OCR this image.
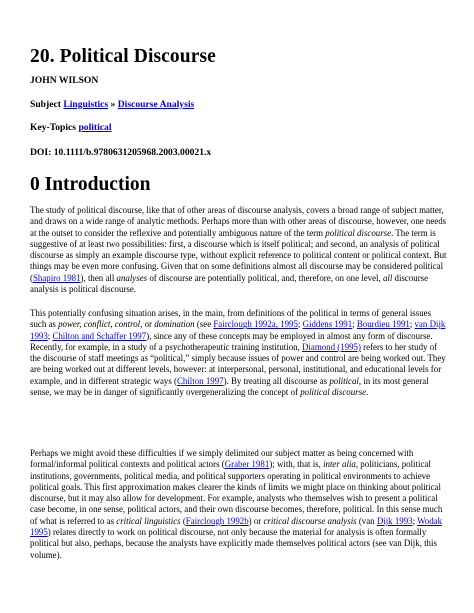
20. Political Discourse
JOHN WILSON
Subject Linguistics » Discourse Analysis
Key-Topics political
DOI: 10.1111/b.9780631205968.2003.00021.x
0 Introduction

The study of political discourse, like that of other areas of discourse analysis, covers a broad range of subject matter, and draws on a wide range of analytic methods. Perhaps more than with other areas of discourse, however, one needs at the outset to consider the reflexive and potentially ambiguous nature of the term political discourse. The term is suggestive of at least two possibilities: first, a discourse which is itself political; and second, an analysis of political discourse as simply an example discourse type, without explicit reference to political content or political context. But things may be even more confusing. Given that on some definitions almost all discourse may be considered political (Shapiro 1981), then all analyses of discourse are potentially political, and, therefore, on one level, all discourse analysis is political discourse.

This potentially confusing situation arises, in the main, from definitions of the political in terms of general issues such as power, conflict, control, or domination (see Fairclough 1992a, 1995; Giddens 1991; Bourdieu 1991; van Dijk 1993; Chilton and Schaffer 1997), since any of these concepts may be employed in almost any form of discourse. Recently, for example, in a study of a psychotherapeutic training institution, Diamond (1995) refers to her study of the discourse of staff meetings as “political,” simply because issues of power and control are being worked out. They are being worked out at different levels, however: at interpersonal, personal, institutional, and educational levels for example, and in different strategic ways (Chilton 1997). By treating all discourse as political, in its most general sense, we may be in danger of significantly overgeneralizing the concept of political discourse.

Perhaps we might avoid these difficulties if we simply delimited our subject matter as being concerned with formal/informal political contexts and political actors (Graber 1981); with, that is, inter alia, politicians, political institutions, governments, political media, and political supporters operating in political environments to achieve political goals. This first approximation makes clearer the kinds of limits we might place on thinking about political discourse, but it may also allow for development. For example, analysts who themselves wish to present a political case become, in one sense, political actors, and their own discourse becomes, therefore, political. In this sense much of what is referred to as critical linguistics (Fairclough 1992b) or critical discourse analysis (van Dijk 1993; Wodak 1995) relates directly to work on political discourse, not only because the material for analysis is often formally political but also, perhaps, because the analysts have explicitly made themselves political actors (see van Dijk, this volume).
